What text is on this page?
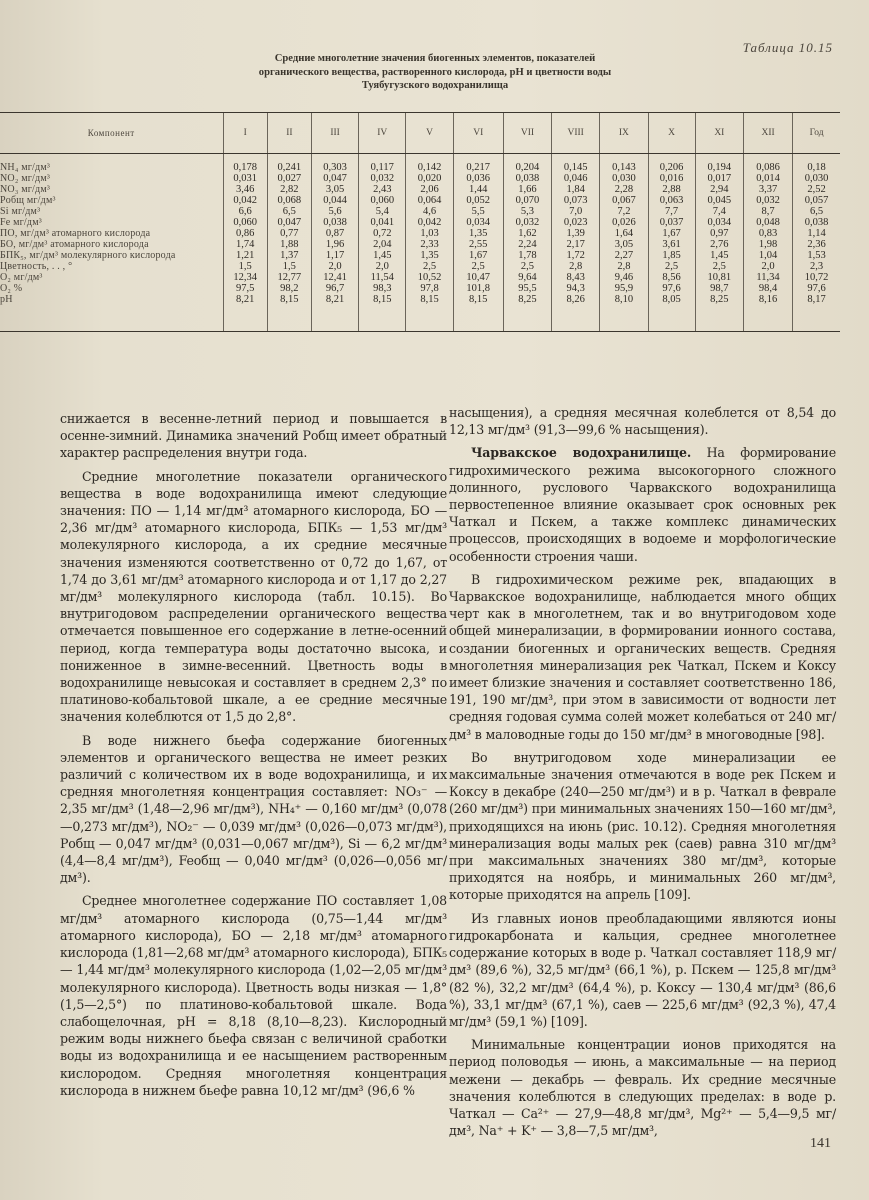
Таблица 10.15
Средние многолетние значения биогенных элементов, показателей
органического вещества, растворенного кислорода, pH и цветности воды
Туябугузского водохранилища
Компонент	I	II	III	IV	V	VI	VII	VIII	IX	X	XI	XII	Год
NH₄ мг/дм³	0,178	0,241	0,303	0,117	0,142	0,217	0,204	0,145	0,143	0,206	0,194	0,086	0,18
NO₂ мг/дм³	0,031	0,027	0,047	0,032	0,020	0,036	0,038	0,046	0,030	0,016	0,017	0,014	0,030
NO₃ мг/дм³	3,46	2,82	3,05	2,43	2,06	1,44	1,66	1,84	2,28	2,88	2,94	3,37	2,52
Pобщ мг/дм³	0,042	0,068	0,044	0,060	0,064	0,052	0,070	0,073	0,067	0,063	0,045	0,032	0,057
Si мг/дм³	6,6	6,5	5,6	5,4	4,6	5,5	5,3	7,0	7,2	7,7	7,4	8,7	6,5
Fe мг/дм³	0,060	0,047	0,038	0,041	0,042	0,034	0,032	0,023	0,026	0,037	0,034	0,048	0,038
ПО, мг/дм³ атомарного кислорода	0,86	0,77	0,87	0,72	1,03	1,35	1,62	1,39	1,64	1,67	0,97	0,83	1,14
БО, мг/дм³ атомарного кислорода	1,74	1,88	1,96	2,04	2,33	2,55	2,24	2,17	3,05	3,61	2,76	1,98	2,36
БПК₅, мг/дм³ молекулярного кислорода	1,21	1,37	1,17	1,45	1,35	1,67	1,78	1,72	2,27	1,85	1,45	1,04	1,53
Цветность, . . , °	1,5	1,5	2,0	2,0	2,5	2,5	2,5	2,8	2,8	2,5	2,5	2,0	2,3
O₂ мг/дм³	12,34	12,77	12,41	11,54	10,52	10,47	9,64	8,43	9,46	8,56	10,81	11,34	10,72
O₂ %	97,5	98,2	96,7	98,3	97,8	101,8	95,5	94,3	95,9	97,6	98,7	98,4	97,6
pH	8,21	8,15	8,21	8,15	8,15	8,15	8,25	8,26	8,10	8,05	8,25	8,16	8,17

снижается в весенне-летний период и повышается в осенне-зимний. Динамика значений Pобщ имеет обратный характер распределения внутри года.

Средние многолетние показатели органического вещества в воде водохранилища имеют следующие значения: ПО — 1,14 мг/дм³ атомарного кислорода, БО — 2,36 мг/дм³ атомарного кислорода, БПК₅ — 1,53 мг/дм³ молекулярного кислорода, а их средние месячные значения изменяются соответственно от 0,72 до 1,67, от 1,74 до 3,61 мг/дм³ атомарного кислорода и от 1,17 до 2,27 мг/дм³ молекулярного кислорода (табл. 10.15). Во внутригодовом распределении органического вещества отмечается повышенное его содержание в летне-осенний период, когда температура воды достаточно высока, и пониженное в зимне-весенний. Цветность воды в водохранилище невысокая и составляет в среднем 2,3° по платиново-кобальтовой шкале, а ее средние месячные значения колеблются от 1,5 до 2,8°.

В воде нижнего бьефа содержание биогенных элементов и органического вещества не имеет резких различий с количеством их в воде водохранилища, и их средняя многолетняя концентрация составляет: NO₃⁻ — 2,35 мг/дм³ (1,48—2,96 мг/дм³), NH₄⁺ — 0,160 мг/дм³ (0,078—0,273 мг/дм³), NO₂⁻ — 0,039 мг/дм³ (0,026—0,073 мг/дм³), Pобщ — 0,047 мг/дм³ (0,031—0,067 мг/дм³), Si — 6,2 мг/дм³ (4,4—8,4 мг/дм³), Feобщ — 0,040 мг/дм³ (0,026—0,056 мг/дм³).

Среднее многолетнее содержание ПО составляет 1,08 мг/дм³ атомарного кислорода (0,75—1,44 мг/дм³ атомарного кислорода), БО — 2,18 мг/дм³ атомарного кислорода (1,81—2,68 мг/дм³ атомарного кислорода), БПК₅ — 1,44 мг/дм³ молекулярного кислорода (1,02—2,05 мг/дм³ молекулярного кислорода). Цветность воды низкая — 1,8° (1,5—2,5°) по платиново-кобальтовой шкале. Вода слабощелочная, pH = 8,18 (8,10—8,23). Кислородный режим воды нижнего бьефа связан с величиной сработки воды из водохранилища и ее насыщением растворенным кислородом. Средняя многолетняя концентрация кислорода в нижнем бьефе равна 10,12 мг/дм³ (96,6 %

насыщения), а средняя месячная колеблется от 8,54 до 12,13 мг/дм³ (91,3—99,6 % насыщения).

Чарвакское водохранилище. На формирование гидрохимического режима высокогорного сложного долинного, руслового Чарвакского водохранилища первостепенное влияние оказывает срок основных рек Чаткал и Пскем, а также комплекс динамических процессов, происходящих в водоеме и морфологические особенности строения чаши.

В гидрохимическом режиме рек, впадающих в Чарвакское водохранилище, наблюдается много общих черт как в многолетнем, так и во внутригодовом ходе общей минерализации, в формировании ионного состава, создании биогенных и органических веществ. Средняя многолетняя минерализация рек Чаткал, Пскем и Коксу имеет близкие значения и составляет соответственно 186, 191, 190 мг/дм³, при этом в зависимости от водности лет средняя годовая сумма солей может колебаться от 240 мг/дм³ в маловодные годы до 150 мг/дм³ в многоводные [98].

Во внутригодовом ходе минерализации ее максимальные значения отмечаются в воде рек Пскем и Коксу в декабре (240—250 мг/дм³) и в р. Чаткал в феврале (260 мг/дм³) при минимальных значениях 150—160 мг/дм³, приходящихся на июнь (рис. 10.12). Средняя многолетняя минерализация воды малых рек (саев) равна 310 мг/дм³ при максимальных значениях 380 мг/дм³, которые приходятся на ноябрь, и минимальных 260 мг/дм³, которые приходятся на апрель [109].

Из главных ионов преобладающими являются ионы гидрокарбоната и кальция, среднее многолетнее содержание которых в воде р. Чаткал составляет 118,9 мг/дм³ (89,6 %), 32,5 мг/дм³ (66,1 %), р. Пскем — 125,8 мг/дм³ (82 %), 32,2 мг/дм³ (64,4 %), р. Коксу — 130,4 мг/дм³ (86,6 %), 33,1 мг/дм³ (67,1 %), саев — 225,6 мг/дм³ (92,3 %), 47,4 мг/дм³ (59,1 %) [109].

Минимальные концентрации ионов приходятся на период половодья — июнь, а максимальные — на период межени — декабрь — февраль. Их средние месячные значения колеблются в следующих пределах: в воде р. Чаткал — Ca²⁺ — 27,9—48,8 мг/дм³, Mg²⁺ — 5,4—9,5 мг/дм³, Na⁺ + K⁺ — 3,8—7,5 мг/дм³,

141
